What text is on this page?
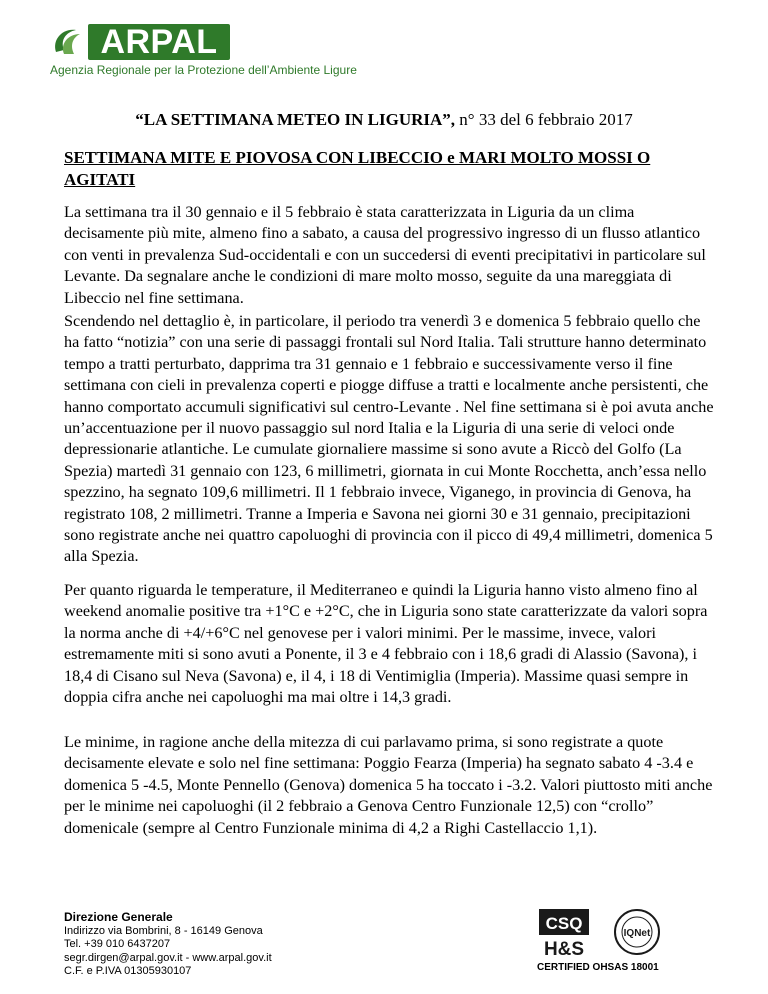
ARPAL
Agenzia Regionale per la Protezione dell’Ambiente Ligure
“LA SETTIMANA METEO IN LIGURIA”, n° 33 del 6 febbraio 2017
SETTIMANA MITE E PIOVOSA CON LIBECCIO e MARI MOLTO MOSSI O AGITATI
La settimana tra il 30 gennaio e il 5 febbraio è stata caratterizzata in Liguria da un clima decisamente più mite, almeno fino a sabato, a causa del progressivo ingresso di un flusso atlantico con venti in prevalenza Sud-occidentali e con un succedersi di eventi precipitativi in particolare sul Levante. Da segnalare anche le condizioni di mare molto mosso, seguite da una mareggiata di Libeccio nel fine settimana.
Scendendo nel dettaglio è, in particolare, il periodo tra venerdì 3 e domenica 5 febbraio quello che ha fatto “notizia” con una serie di passaggi frontali sul Nord Italia. Tali strutture hanno determinato tempo a tratti perturbato, dapprima tra 31 gennaio e 1 febbraio e successivamente verso il fine settimana con cieli in prevalenza coperti e piogge diffuse a tratti e localmente anche persistenti, che hanno comportato accumuli significativi sul centro-Levante . Nel fine settimana si è poi avuta anche un’accentuazione per il nuovo passaggio sul nord Italia e la Liguria di una serie di veloci onde depressionarie atlantiche. Le cumulate giornaliere massime si sono avute a Riccò del Golfo (La Spezia) martedì 31 gennaio con 123, 6 millimetri, giornata in cui Monte Rocchetta, anch’essa nello spezzino, ha segnato 109,6 millimetri. Il 1 febbraio invece, Viganego, in provincia di Genova, ha registrato 108, 2 millimetri. Tranne a Imperia e Savona nei giorni 30 e 31 gennaio, precipitazioni sono registrate anche nei quattro capoluoghi di provincia con il picco di 49,4 millimetri, domenica 5 alla Spezia.
Per quanto riguarda le temperature, il Mediterraneo e quindi la Liguria hanno visto almeno fino al weekend anomalie positive tra +1°C e +2°C, che in Liguria sono state caratterizzate da valori sopra la norma anche di +4/+6°C nel genovese per i valori minimi. Per le massime, invece, valori estremamente miti si sono avuti a Ponente, il 3 e 4 febbraio con i 18,6 gradi di Alassio (Savona), i 18,4 di Cisano sul Neva (Savona) e, il 4, i 18 di Ventimiglia (Imperia). Massime quasi sempre in doppia cifra anche nei capoluoghi ma mai oltre i 14,3 gradi.
Le minime, in ragione anche della mitezza di cui parlavamo prima, si sono registrate a quote decisamente elevate e solo nel fine settimana: Poggio Fearza (Imperia) ha segnato sabato 4 -3.4 e domenica 5 -4.5, Monte Pennello (Genova) domenica 5 ha toccato i -3.2. Valori piuttosto miti anche per le minime nei capoluoghi (il 2 febbraio a Genova Centro Funzionale 12,5) con “crollo” domenicale (sempre al Centro Funzionale minima di 4,2 a Righi Castellaccio 1,1).
Direzione Generale
Indirizzo via Bombrini, 8 - 16149 Genova
Tel. +39 010 6437207
segr.dirgen@arpal.gov.it - www.arpal.gov.it
C.F. e P.IVA 01305930107
CSQ
H&S
IQNet
CERTIFIED OHSAS 18001
